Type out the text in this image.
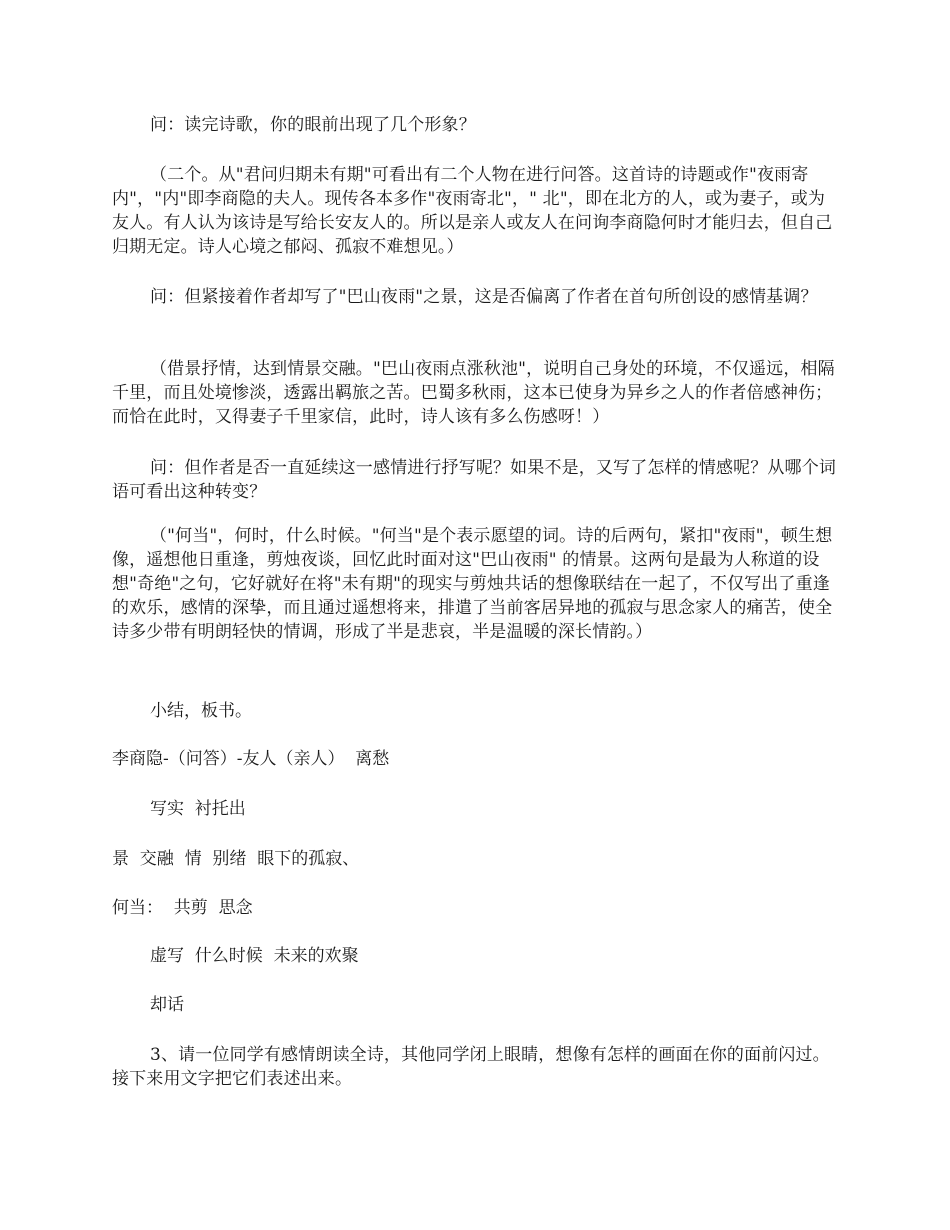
问：读完诗歌，你的眼前出现了几个形象？

（二个。从"君问归期未有期"可看出有二个人物在进行问答。这首诗的诗题或作"夜雨寄内"，"内"即李商隐的夫人。现传各本多作"夜雨寄北"，" 北"，即在北方的人，或为妻子，或为友人。有人认为该诗是写给长安友人的。所以是亲人或友人在问询李商隐何时才能归去，但自己归期无定。诗人心境之郁闷、孤寂不难想见。）

问：但紧接着作者却写了"巴山夜雨"之景，这是否偏离了作者在首句所创设的感情基调？

（借景抒情，达到情景交融。"巴山夜雨点涨秋池"，说明自己身处的环境，不仅遥远，相隔千里，而且处境惨淡，透露出羁旅之苦。巴蜀多秋雨，这本已使身为异乡之人的作者倍感神伤；而恰在此时，又得妻子千里家信，此时，诗人该有多么伤感呀！）

问：但作者是否一直延续这一感情进行抒写呢？如果不是，又写了怎样的情感呢？从哪个词语可看出这种转变？

（"何当"，何时，什么时候。"何当"是个表示愿望的词。诗的后两句，紧扣"夜雨"，顿生想像，遥想他日重逢，剪烛夜谈，回忆此时面对这"巴山夜雨" 的情景。这两句是最为人称道的设想"奇绝"之句，它好就好在将"未有期"的现实与剪烛共话的想像联结在一起了，不仅写出了重逢的欢乐，感情的深挚，而且通过遥想将来，排遣了当前客居异地的孤寂与思念家人的痛苦，使全诗多少带有明朗轻快的情调，形成了半是悲哀，半是温暖的深长情韵。）

小结，板书。

李商隐-（问答）-友人（亲人）  离愁

写实  衬托出

景  交融  情  别绪  眼下的孤寂、

何当：  共剪  思念

虚写  什么时候  未来的欢聚

却话

3、请一位同学有感情朗读全诗，其他同学闭上眼睛，想像有怎样的画面在你的面前闪过。接下来用文字把它们表述出来。
